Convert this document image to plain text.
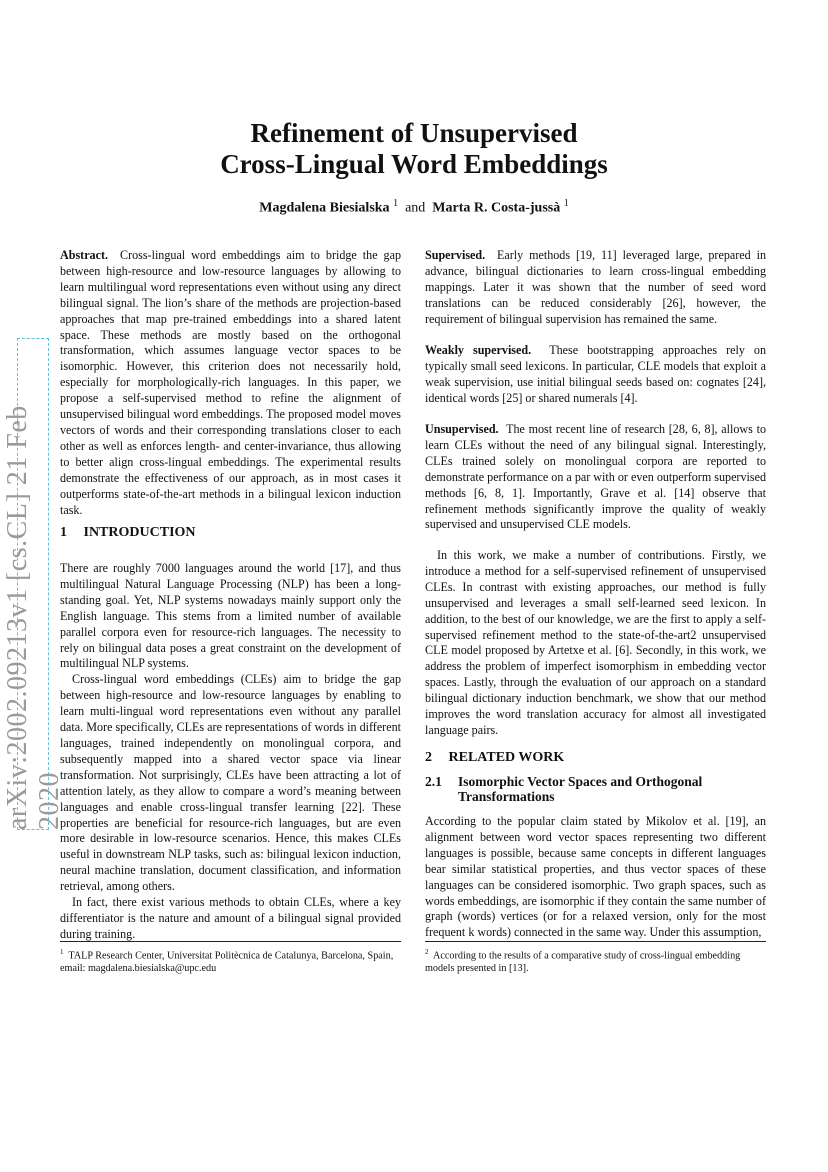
arXiv:2002.09213v1 [cs.CL] 21 Feb 2020
Refinement of Unsupervised
Cross-Lingual Word Embeddings
Magdalena Biesialska $^1$ and Marta R. Costa-jussà $^1$

Abstract. Cross-lingual word embeddings aim to bridge the gap between high-resource and low-resource languages by allowing to learn multilingual word representations even without using any direct bilingual signal. The lion’s share of the methods are projection-based approaches that map pre-trained embeddings into a shared latent space. These methods are mostly based on the orthogonal transformation, which assumes language vector spaces to be isomorphic. However, this criterion does not necessarily hold, especially for morphologically-rich languages. In this paper, we propose a self-supervised method to refine the alignment of unsupervised bilingual word embeddings. The proposed model moves vectors of words and their corresponding translations closer to each other as well as enforces length- and center-invariance, thus allowing to better align cross-lingual embeddings. The experimental results demonstrate the effectiveness of our approach, as in most cases it outperforms state-of-the-art methods in a bilingual lexicon induction task.

1 INTRODUCTION

There are roughly 7000 languages around the world [17], and thus multilingual Natural Language Processing (NLP) has been a long-standing goal. Yet, NLP systems nowadays mainly support only the English language. This stems from a limited number of available parallel corpora even for resource-rich languages. The necessity to rely on bilingual data poses a great constraint on the development of multilingual NLP systems.

Cross-lingual word embeddings (CLEs) aim to bridge the gap between high-resource and low-resource languages by enabling to learn multi-lingual word representations even without any parallel data. More specifically, CLEs are representations of words in different languages, trained independently on monolingual corpora, and subsequently mapped into a shared vector space via linear transformation. Not surprisingly, CLEs have been attracting a lot of attention lately, as they allow to compare a word’s meaning between languages and enable cross-lingual transfer learning [22]. These properties are beneficial for resource-rich languages, but are even more desirable in low-resource scenarios. Hence, this makes CLEs useful in downstream NLP tasks, such as: bilingual lexicon induction, neural machine translation, document classification, and information retrieval, among others.

In fact, there exist various methods to obtain CLEs, where a key differentiator is the nature and amount of a bilingual signal provided during training.

$^1$ TALP Research Center, Universitat Politècnica de Catalunya, Barcelona, Spain, email: magdalena.biesialska@upc.edu

Supervised. Early methods [19, 11] leveraged large, prepared in advance, bilingual dictionaries to learn cross-lingual embedding mappings. Later it was shown that the number of seed word translations can be reduced considerably [26], however, the requirement of bilingual supervision has remained the same.

Weakly supervised. These bootstrapping approaches rely on typically small seed lexicons. In particular, CLE models that exploit a weak supervision, use initial bilingual seeds based on: cognates [24], identical words [25] or shared numerals [4].

Unsupervised. The most recent line of research [28, 6, 8], allows to learn CLEs without the need of any bilingual signal. Interestingly, CLEs trained solely on monolingual corpora are reported to demonstrate performance on a par with or even outperform supervised methods [6, 8, 1]. Importantly, Grave et al. [14] observe that refinement methods significantly improve the quality of weakly supervised and unsupervised CLE models.

In this work, we make a number of contributions. Firstly, we introduce a method for a self-supervised refinement of unsupervised CLEs. In contrast with existing approaches, our method is fully unsupervised and leverages a small self-learned seed lexicon. In addition, to the best of our knowledge, we are the first to apply a self-supervised refinement method to the state-of-the-art2 unsupervised CLE model proposed by Artetxe et al. [6]. Secondly, in this work, we address the problem of imperfect isomorphism in embedding vector spaces. Lastly, through the evaluation of our approach on a standard bilingual dictionary induction benchmark, we show that our method improves the word translation accuracy for almost all investigated language pairs.

2 RELATED WORK
2.1 Isomorphic Vector Spaces and Orthogonal
Transformations

According to the popular claim stated by Mikolov et al. [19], an alignment between word vector spaces representing two different languages is possible, because same concepts in different languages bear similar statistical properties, and thus vector spaces of these languages can be considered isomorphic. Two graph spaces, such as words embeddings, are isomorphic if they contain the same number of graph (words) vertices (or for a relaxed version, only for the most frequent k words) connected in the same way. Under this assumption,

$^2$ According to the results of a comparative study of cross-lingual embedding models presented in [13].
